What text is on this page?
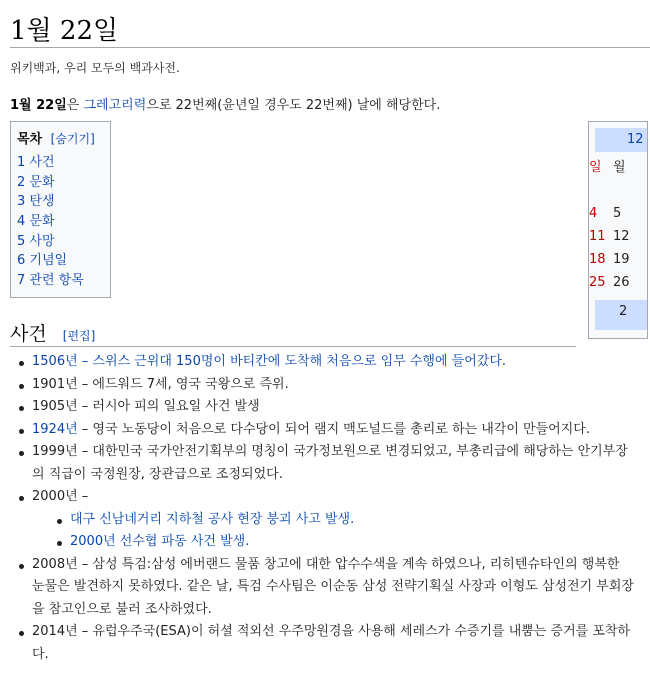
1월 22일
위키백과, 우리 모두의 백과사전.
1월 22일은 그레고리력으로 22번째(윤년일 경우도 22번째) 날에 해당한다.
목차 [숨기기]
1 사건
2 문화
3 탄생
4 문화
5 사망
6 기념일
7 관련 항목
12
일 월
4 5
11 12
18 19
25 26
2
사건 [편집]
1506년 – 스위스 근위대 150명이 바티칸에 도착해 처음으로 임무 수행에 들어갔다.
1901년 – 에드워드 7세, 영국 국왕으로 즉위.
1905년 – 러시아 피의 일요일 사건 발생
1924년 – 영국 노동당이 처음으로 다수당이 되어 램지 맥도널드를 총리로 하는 내각이 만들어지다.
1999년 – 대한민국 국가안전기획부의 명칭이 국가정보원으로 변경되었고, 부총리급에 해당하는 안기부장의 직급이 국정원장, 장관급으로 조정되었다.
2000년 –
대구 신남네거리 지하철 공사 현장 붕괴 사고 발생.
2000년 선수협 파동 사건 발생.
2008년 – 삼성 특검:삼성 에버랜드 물품 창고에 대한 압수수색을 계속 하였으나, 리히텐슈타인의 행복한 눈물은 발견하지 못하였다. 같은 날, 특검 수사팀은 이순동 삼성 전략기획실 사장과 이형도 삼성전기 부회장을 참고인으로 불러 조사하였다.
2014년 – 유럽우주국(ESA)이 허셜 적외선 우주망원경을 사용해 세레스가 수증기를 내뿜는 증거를 포착하다.
